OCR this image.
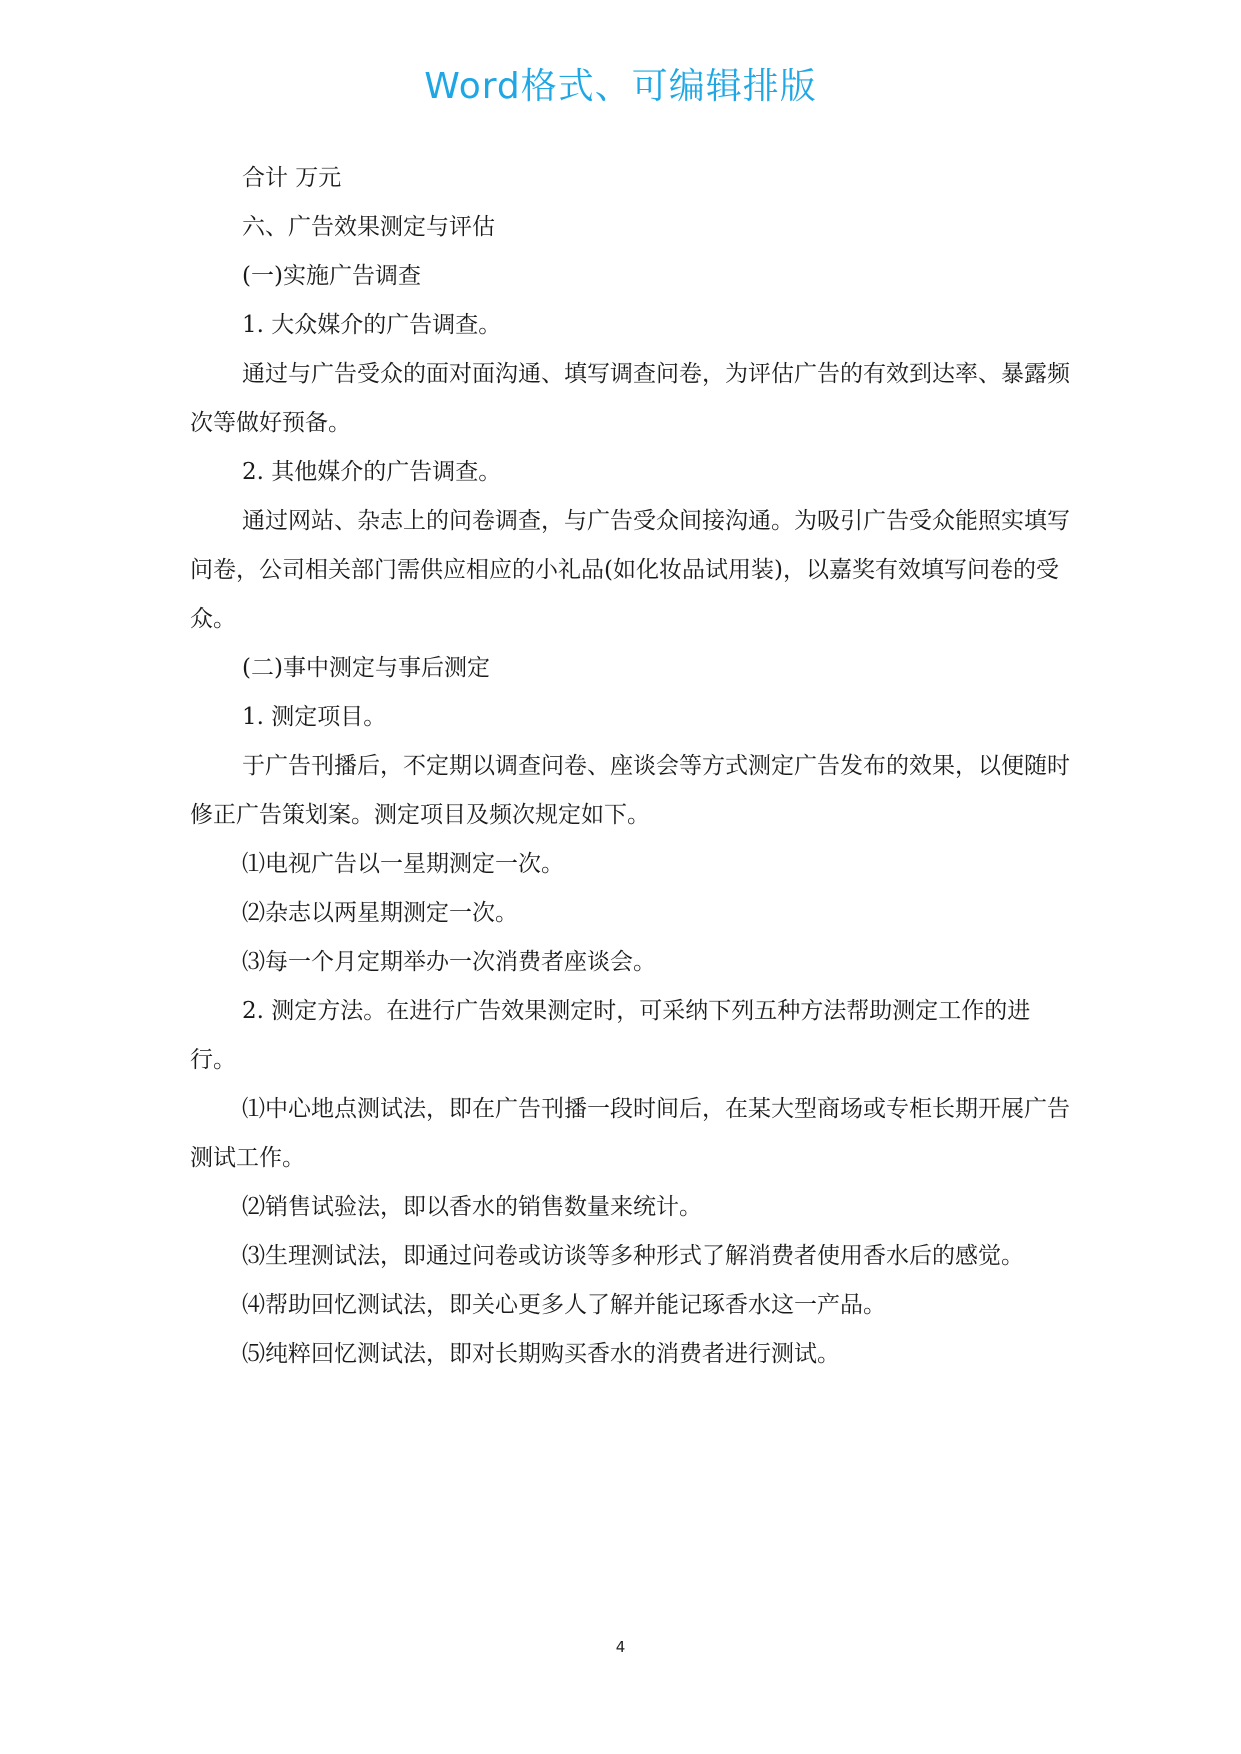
Word格式、可编辑排版

合计 万元

六、广告效果测定与评估

(一)实施广告调查

1. 大众媒介的广告调查。

通过与广告受众的面对面沟通、填写调查问卷，为评估广告的有效到达率、暴露频次等做好预备。

2. 其他媒介的广告调查。

通过网站、杂志上的问卷调查，与广告受众间接沟通。为吸引广告受众能照实填写问卷，公司相关部门需供应相应的小礼品(如化妆品试用装)，以嘉奖有效填写问卷的受众。

(二)事中测定与事后测定

1. 测定项目。

于广告刊播后，不定期以调查问卷、座谈会等方式测定广告发布的效果，以便随时修正广告策划案。测定项目及频次规定如下。

⑴电视广告以一星期测定一次。

⑵杂志以两星期测定一次。

⑶每一个月定期举办一次消费者座谈会。

2. 测定方法。在进行广告效果测定时，可采纳下列五种方法帮助测定工作的进行。

⑴中心地点测试法，即在广告刊播一段时间后，在某大型商场或专柜长期开展广告测试工作。

⑵销售试验法，即以香水的销售数量来统计。

⑶生理测试法，即通过问卷或访谈等多种形式了解消费者使用香水后的感觉。

⑷帮助回忆测试法，即关心更多人了解并能记琢香水这一产品。

⑸纯粹回忆测试法，即对长期购买香水的消费者进行测试。

4
